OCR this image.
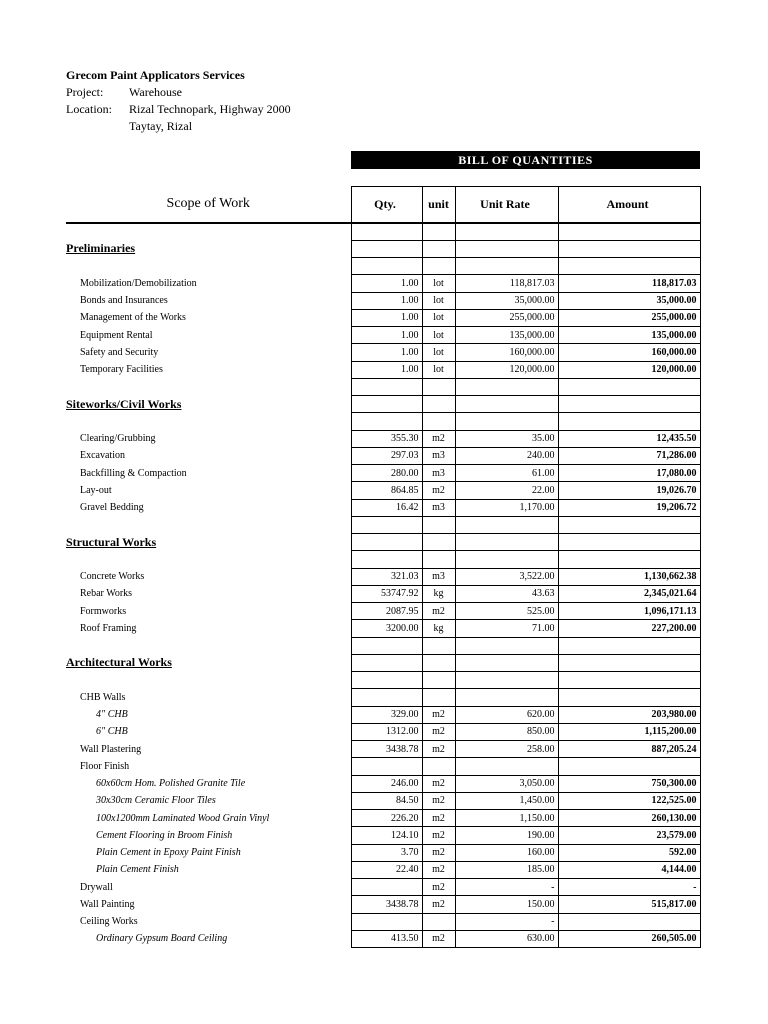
Grecom Paint Applicators Services
Project: Warehouse
Location: Rizal Technopark, Highway 2000
Taytay, Rizal
BILL OF QUANTITIES
Scope of Work	Qty.	unit	Unit Rate	Amount

Preliminaries				

Mobilization/Demobilization	1.00	lot	118,817.03	118,817.03
Bonds and Insurances	1.00	lot	35,000.00	35,000.00
Management of the Works	1.00	lot	255,000.00	255,000.00
Equipment Rental	1.00	lot	135,000.00	135,000.00
Safety and Security	1.00	lot	160,000.00	160,000.00
Temporary Facilities	1.00	lot	120,000.00	120,000.00

Siteworks/Civil Works				

Clearing/Grubbing	355.30	m2	35.00	12,435.50
Excavation	297.03	m3	240.00	71,286.00
Backfilling & Compaction	280.00	m3	61.00	17,080.00
Lay-out	864.85	m2	22.00	19,026.70
Gravel Bedding	16.42	m3	1,170.00	19,206.72

Structural Works				

Concrete Works	321.03	m3	3,522.00	1,130,662.38
Rebar Works	53747.92	kg	43.63	2,345,021.64
Formworks	2087.95	m2	525.00	1,096,171.13
Roof Framing	3200.00	kg	71.00	227,200.00

Architectural Works				

CHB Walls				
4" CHB	329.00	m2	620.00	203,980.00
6" CHB	1312.00	m2	850.00	1,115,200.00
Wall Plastering	3438.78	m2	258.00	887,205.24
Floor Finish				
60x60cm Hom. Polished Granite Tile	246.00	m2	3,050.00	750,300.00
30x30cm Ceramic Floor Tiles	84.50	m2	1,450.00	122,525.00
100x1200mm Laminated Wood Grain Vinyl	226.20	m2	1,150.00	260,130.00
Cement Flooring in Broom Finish	124.10	m2	190.00	23,579.00
Plain Cement in Epoxy Paint Finish	3.70	m2	160.00	592.00
Plain Cement Finish	22.40	m2	185.00	4,144.00
Drywall		m2	-	-
Wall Painting	3438.78	m2	150.00	515,817.00
Ceiling Works			-	
Ordinary Gypsum Board Ceiling	413.50	m2	630.00	260,505.00
